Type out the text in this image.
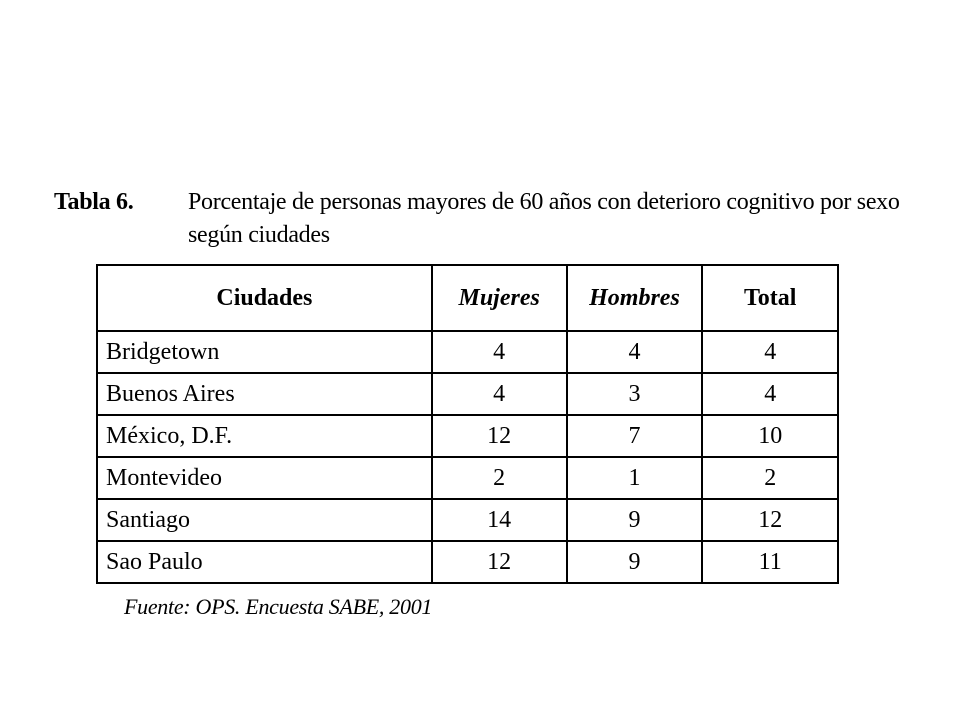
Tabla 6.	Porcentaje de personas mayores de 60 años con deterioro cognitivo por sexo según ciudades
Ciudades	Mujeres	Hombres	Total
Bridgetown	4	4	4
Buenos Aires	4	3	4
México, D.F.	12	7	10
Montevideo	2	1	2
Santiago	14	9	12
Sao Paulo	12	9	11
Fuente: OPS. Encuesta SABE, 2001
